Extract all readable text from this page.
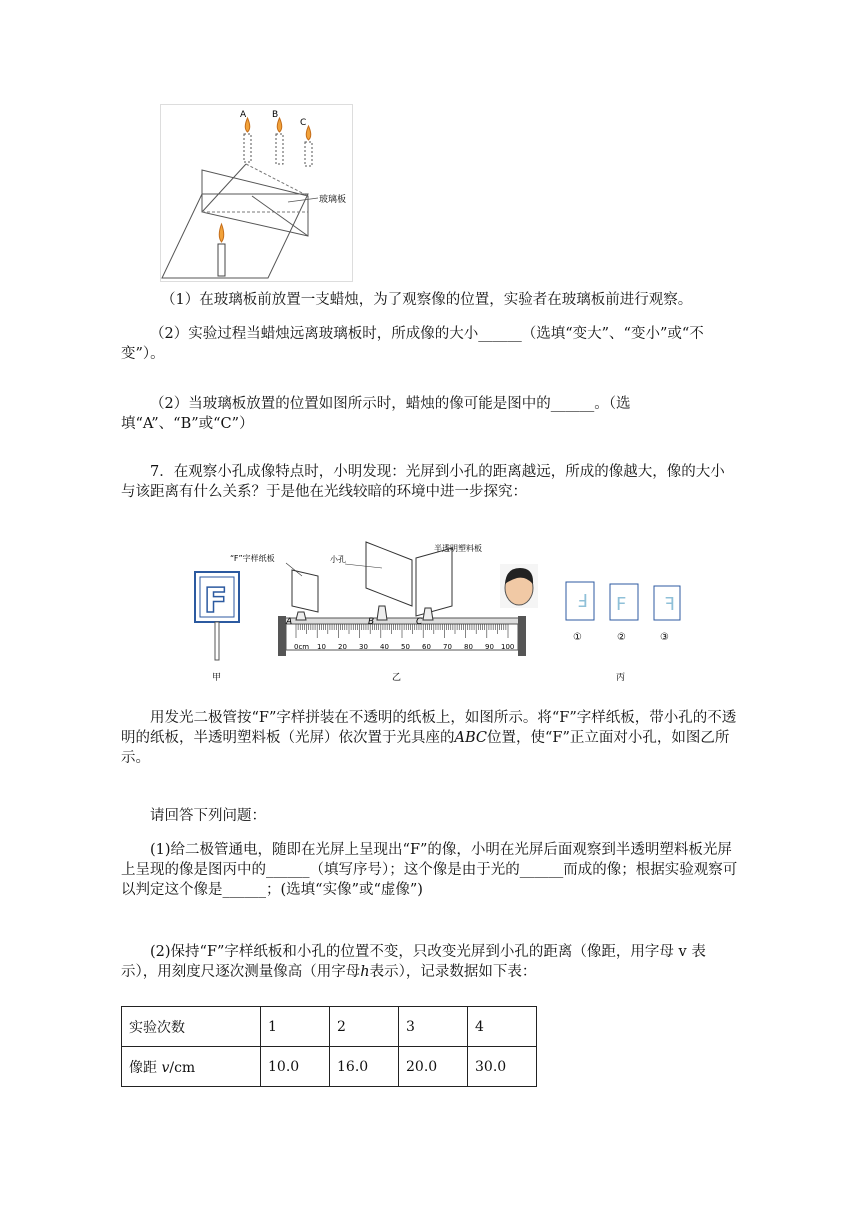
A	B
C
玻璃板

（1）在玻璃板前放置一支蜡烛，为了观察像的位置，实验者在玻璃板前进行观察。

（2）实验过程当蜡烛远离玻璃板时，所成像的大小______（选填“变大”、“变小”或“不变”）。

（2）当玻璃板放置的位置如图所示时，蜡烛的像可能是图中的______。（选填“A”、“B”或“C”）

7．在观察小孔成像特点时，小明发现：光屏到小孔的距离越远，所成的像越大，像的大小与该距离有什么关系？于是他在光线较暗的环境中进一步探究：

F
0cm 10 20 30 40 50 60 70 80 90 100
“F”字样纸板	小孔
半透明塑料板
A	B	C
F
①
F
②
F
③
甲	乙	丙

用发光二极管按“F”字样拼装在不透明的纸板上，如图所示。将“F”字样纸板，带小孔的不透明的纸板，半透明塑料板（光屏）依次置于光具座的ABC位置，使“F”正立面对小孔，如图乙所示。

请回答下列问题：

(1)给二极管通电，随即在光屏上呈现出“F”的像，小明在光屏后面观察到半透明塑料板光屏上呈现的像是图丙中的______（填写序号）；这个像是由于光的______而成的像；根据实验观察可以判定这个像是______；(选填“实像”或“虚像”)

(2)保持“F”字样纸板和小孔的位置不变，只改变光屏到小孔的距离（像距，用字母 v 表示），用刻度尺逐次测量像高（用字母h表示），记录数据如下表：

实验次数	1	2	3	4
像距 v/cm	10.0	16.0	20.0	30.0
